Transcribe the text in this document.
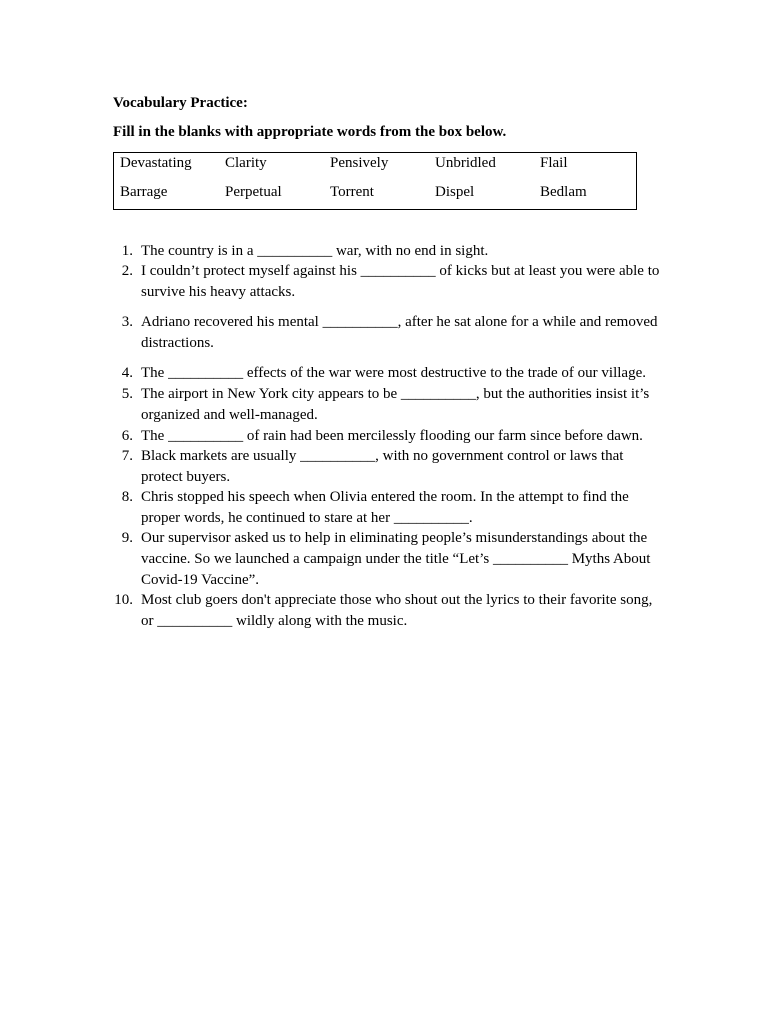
Vocabulary Practice:
Fill in the blanks with appropriate words from the box below.
Devastating	Clarity	Pensively	Unbridled	Flail
Barrage	Perpetual	Torrent	Dispel	Bedlam
1. The country is in a __________ war, with no end in sight.
2. I couldn’t protect myself against his __________ of kicks but at least you were able to survive his heavy attacks.
3. Adriano recovered his mental __________, after he sat alone for a while and removed distractions.
4. The __________ effects of the war were most destructive to the trade of our village.
5. The airport in New York city appears to be __________, but the authorities insist it’s organized and well-managed.
6. The __________ of rain had been mercilessly flooding our farm since before dawn.
7. Black markets are usually __________, with no government control or laws that protect buyers.
8. Chris stopped his speech when Olivia entered the room. In the attempt to find the proper words, he continued to stare at her __________.
9. Our supervisor asked us to help in eliminating people’s misunderstandings about the vaccine. So we launched a campaign under the title “Let’s __________ Myths About Covid-19 Vaccine”.
10. Most club goers don't appreciate those who shout out the lyrics to their favorite song, or __________ wildly along with the music.
